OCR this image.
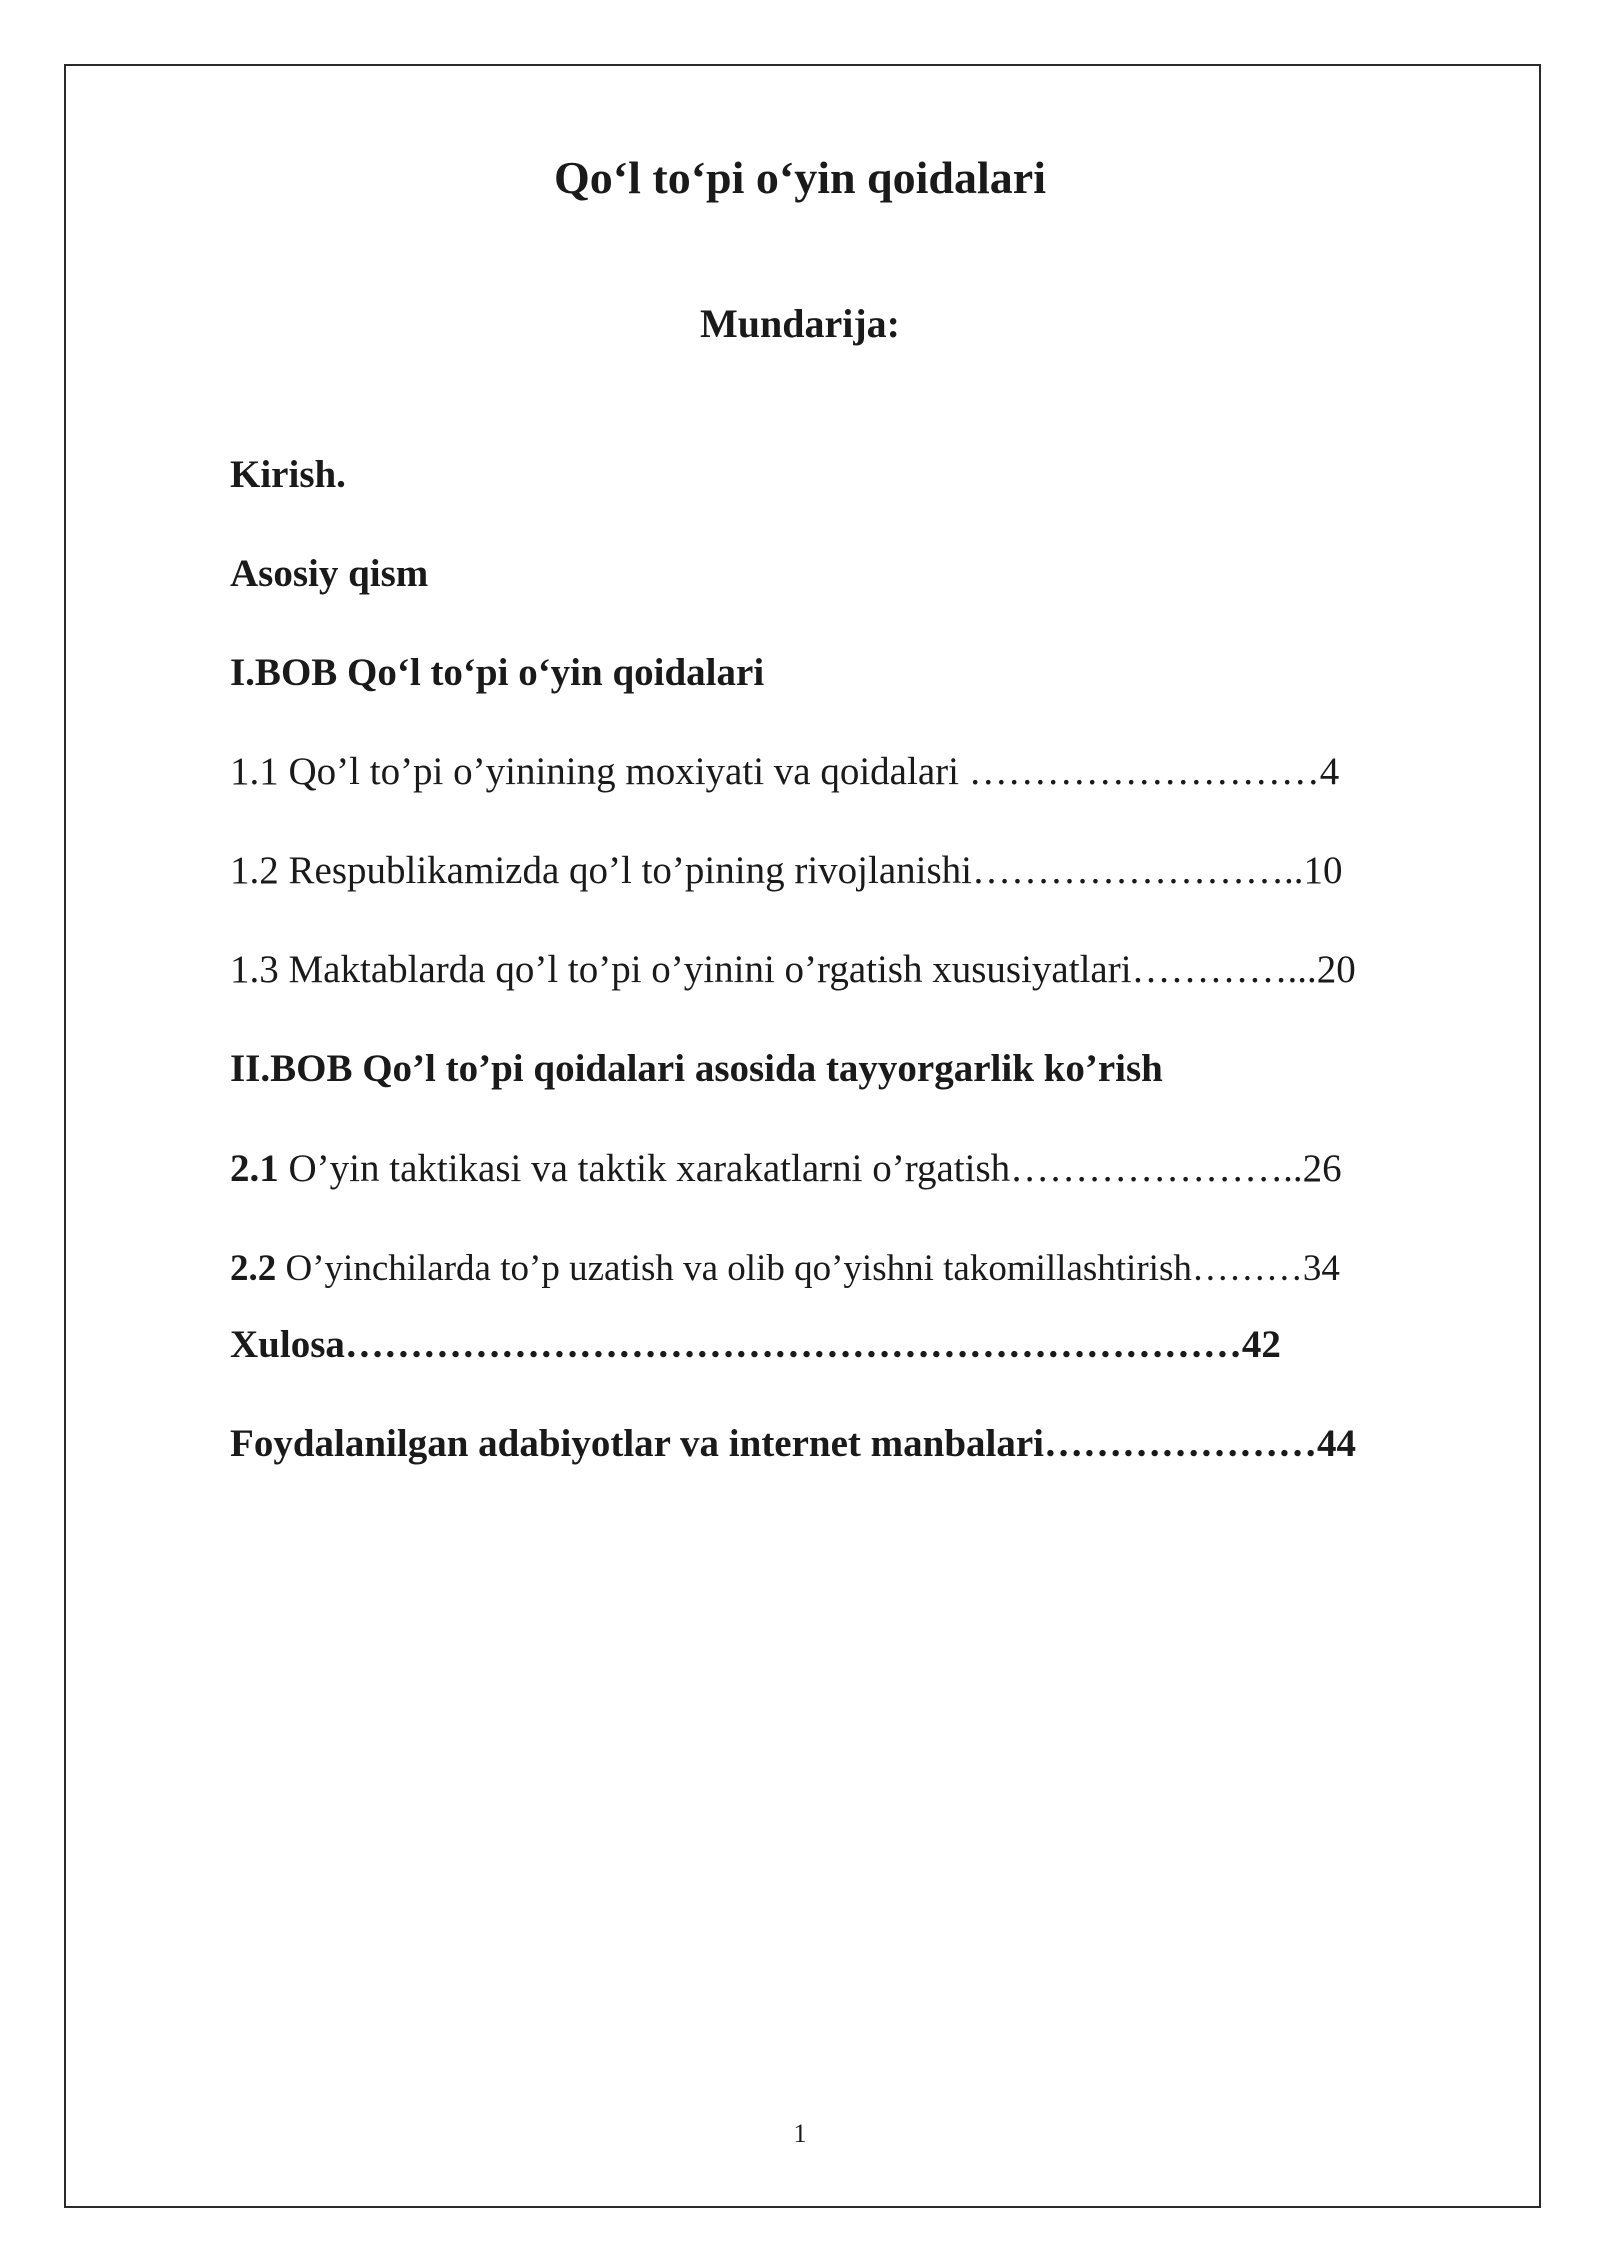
Qo‘l to‘pi o‘yin qoidalari
Mundarija:
Kirish.
Asosiy qism
I.BOB Qo‘l to‘pi o‘yin qoidalari
1.1 Qo’l to’pi o’yinining moxiyati va qoidalari ………………………4
1.2 Respublikamizda qo’l to’pining rivojlanishi……………………..10
1.3 Maktablarda qo’l to’pi o’yinini o’rgatish xususiyatlari…………...20
II.BOB Qo’l to’pi qoidalari asosida tayyorgarlik ko’rish
2.1 O’yin taktikasi va taktik xarakatlarni o’rgatish…………………..26
2.2 O’yinchilarda to’p uzatish va olib qo’yishni takomillashtirish………34
Xulosa……………………………………………………………42
Foydalanilgan adabiyotlar va internet manbalari…………………44
1
